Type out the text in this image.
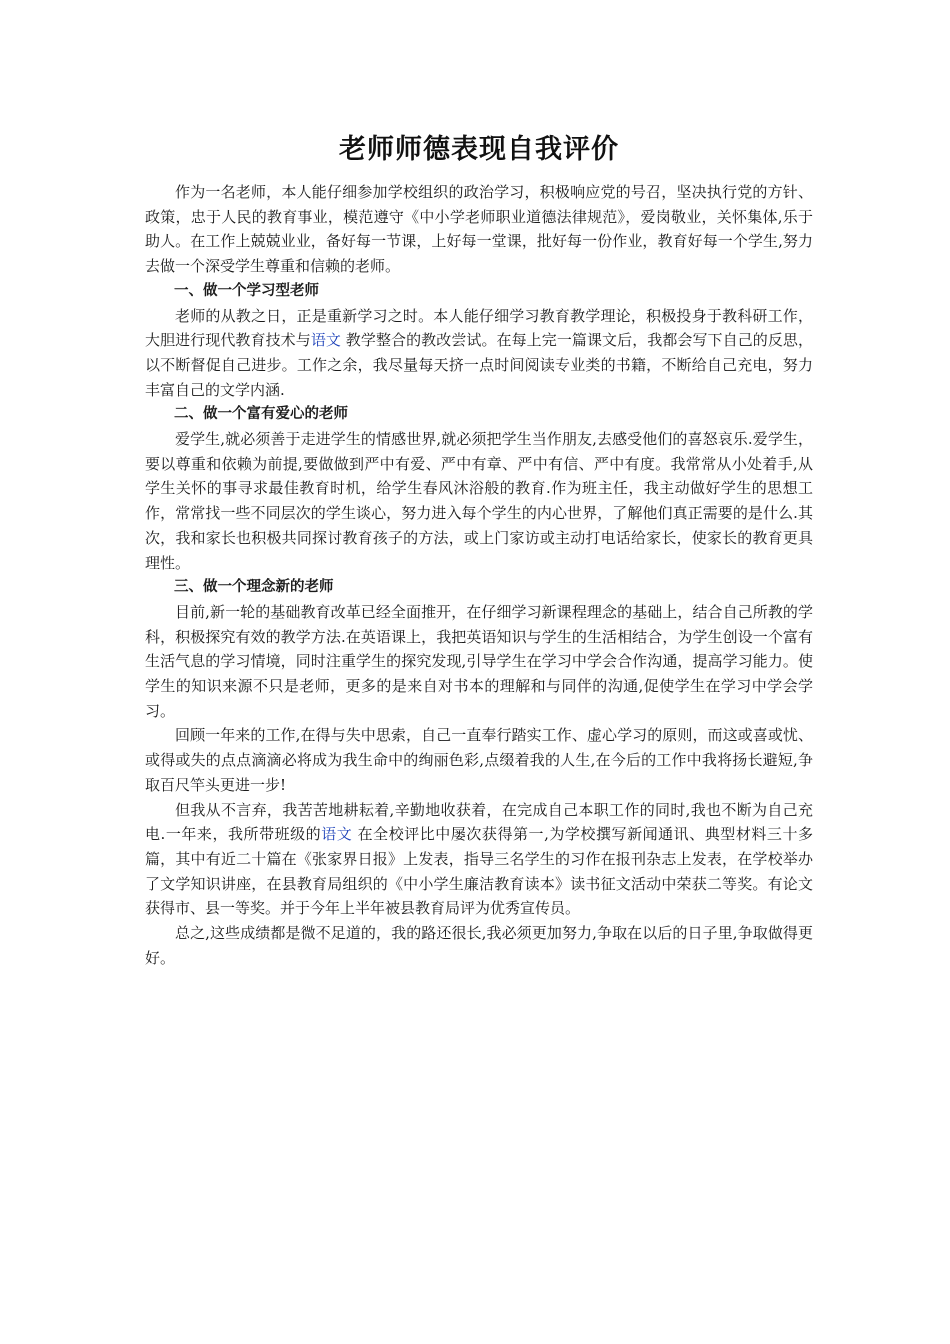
老师师德表现自我评价

作为一名老师，本人能仔细参加学校组织的政治学习，积极响应党的号召，坚决执行党的方针、政策，忠于人民的教育事业，模范遵守《中小学老师职业道德法律规范》，爱岗敬业，关怀集体,乐于助人。在工作上兢兢业业，备好每一节课，上好每一堂课，批好每一份作业，教育好每一个学生,努力去做一个深受学生尊重和信赖的老师。

一、做一个学习型老师

老师的从教之日，正是重新学习之时。本人能仔细学习教育教学理论，积极投身于教科研工作，大胆进行现代教育技术与语文 教学整合的教改尝试。在每上完一篇课文后，我都会写下自己的反思，以不断督促自己进步。工作之余，我尽量每天挤一点时间阅读专业类的书籍，不断给自己充电，努力丰富自己的文学内涵.

二、做一个富有爱心的老师

爱学生,就必须善于走进学生的情感世界,就必须把学生当作朋友,去感受他们的喜怒哀乐.爱学生，要以尊重和依赖为前提,要做做到严中有爱、严中有章、严中有信、严中有度。我常常从小处着手,从学生关怀的事寻求最佳教育时机，给学生春风沐浴般的教育.作为班主任，我主动做好学生的思想工作，常常找一些不同层次的学生谈心，努力进入每个学生的内心世界，了解他们真正需要的是什么.其次，我和家长也积极共同探讨教育孩子的方法，或上门家访或主动打电话给家长，使家长的教育更具理性。

三、做一个理念新的老师

目前,新一轮的基础教育改革已经全面推开，在仔细学习新课程理念的基础上，结合自己所教的学科，积极探究有效的教学方法.在英语课上，我把英语知识与学生的生活相结合，为学生创设一个富有生活气息的学习情境，同时注重学生的探究发现,引导学生在学习中学会合作沟通，提高学习能力。使学生的知识来源不只是老师，更多的是来自对书本的理解和与同伴的沟通,促使学生在学习中学会学习。

回顾一年来的工作,在得与失中思索，自己一直奉行踏实工作、虚心学习的原则，而这或喜或忧、或得或失的点点滴滴必将成为我生命中的绚丽色彩,点缀着我的人生,在今后的工作中我将扬长避短,争取百尺竿头更进一步!

但我从不言弃，我苦苦地耕耘着,辛勤地收获着，在完成自己本职工作的同时,我也不断为自己充电.一年来，我所带班级的语文 在全校评比中屡次获得第一,为学校撰写新闻通讯、典型材料三十多篇，其中有近二十篇在《张家界日报》上发表，指导三名学生的习作在报刊杂志上发表，在学校举办了文学知识讲座，在县教育局组织的《中小学生廉洁教育读本》读书征文活动中荣获二等奖。有论文获得市、县一等奖。并于今年上半年被县教育局评为优秀宣传员。

总之,这些成绩都是微不足道的，我的路还很长,我必须更加努力,争取在以后的日子里,争取做得更好。
